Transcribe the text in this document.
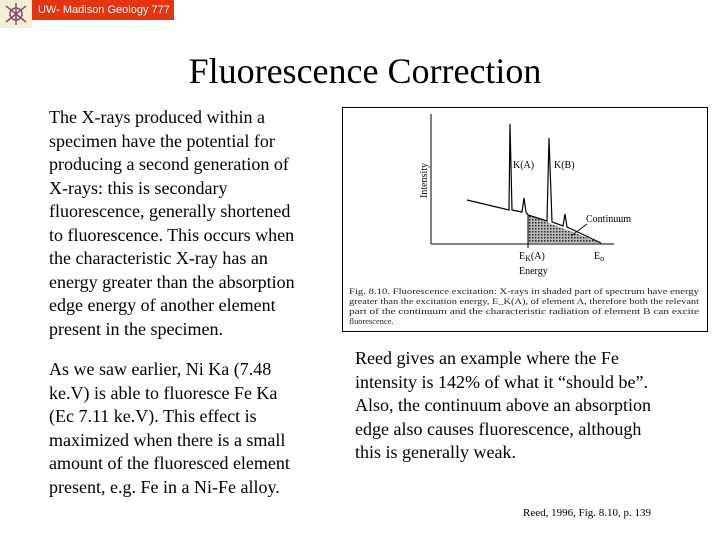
UW- Madison Geology 777
Fluorescence Correction
The X-rays produced within a
specimen have the potential for
producing a second generation of
X-rays: this is secondary
fluorescence, generally shortened
to fluorescence. This occurs when
the characteristic X-ray has an
energy greater than the absorption
edge energy of another element
present in the specimen.
As we saw earlier, Ni Ka (7.48
ke.V) is able to fluoresce Fe Ka
(Ec 7.11 ke.V). This effect is
maximized when there is a small
amount of the fluoresced element
present, e.g. Fe in a Ni-Fe alloy.
Reed gives an example where the Fe
intensity is 142% of what it “should be”.
Also, the continuum above an absorption
edge also causes fluorescence, although
this is generally weak.
Intensity	K(A) K(B)
Continuum
$E_K(A)$	$E_o$
Energy
Fig. 8.10. Fluorescence excitation: X-rays in shaded part of spectrum have energy
greater than the excitation energy, E_K(A), of element A, therefore both the relevant
part of the continuum and the characteristic radiation of element B can excite
fluorescence.
Reed, 1996, Fig. 8.10, p. 139
